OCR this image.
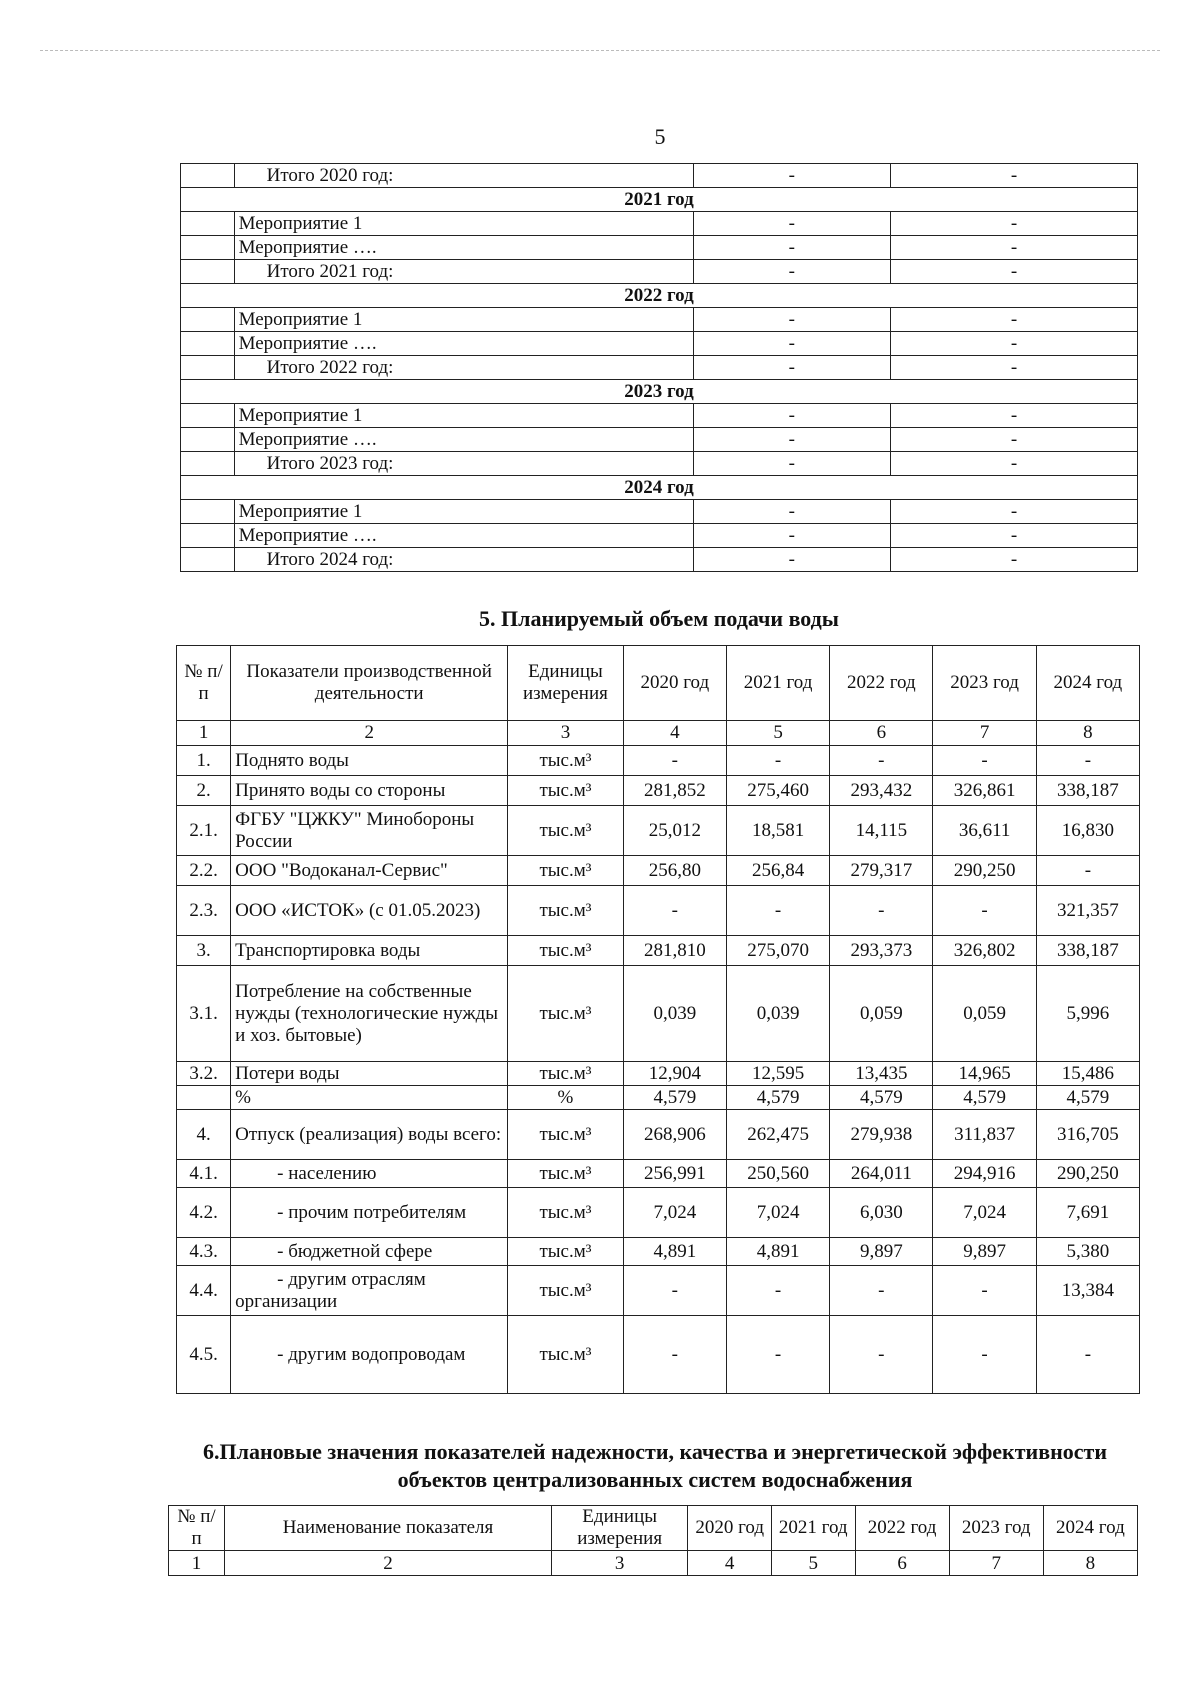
5
	Итого 2020 год:	-	-
2021 год			
	Мероприятие 1	-	-
	Мероприятие ….	-	-
	Итого 2021 год:	-	-
2022 год			
	Мероприятие 1	-	-
	Мероприятие ….	-	-
	Итого 2022 год:	-	-
2023 год			
	Мероприятие 1	-	-
	Мероприятие ….	-	-
	Итого 2023 год:	-	-
2024 год			
	Мероприятие 1	-	-
	Мероприятие ….	-	-
	Итого 2024 год:	-	-
5. Планируемый объем подачи воды
№ п/п	Показатели производственной деятельности	Единицы измерения	2020 год	2021 год	2022 год	2023 год	2024 год
1	2	3	4	5	6	7	8
1.	Поднято воды	тыс.м³	-	-	-	-	-
2.	Принято воды со стороны	тыс.м³	281,852	275,460	293,432	326,861	338,187
2.1.	ФГБУ "ЦЖКУ" Минобороны России	тыс.м³	25,012	18,581	14,115	36,611	16,830
2.2.	ООО "Водоканал-Сервис"	тыс.м³	256,80	256,84	279,317	290,250	-
2.3.	ООО «ИСТОК» (с 01.05.2023)	тыс.м³	-	-	-	-	321,357
3.	Транспортировка воды	тыс.м³	281,810	275,070	293,373	326,802	338,187
3.1.	Потребление на собственные нужды (технологические нужды и хоз. бытовые)	тыс.м³	0,039	0,039	0,059	0,059	5,996
3.2.	Потери воды	тыс.м³	12,904	12,595	13,435	14,965	15,486
	%	%	4,579	4,579	4,579	4,579	4,579
4.	Отпуск (реализация) воды всего:	тыс.м³	268,906	262,475	279,938	311,837	316,705
4.1.	- населению	тыс.м³	256,991	250,560	264,011	294,916	290,250
4.2.	- прочим потребителям	тыс.м³	7,024	7,024	6,030	7,024	7,691
4.3.	- бюджетной сфере	тыс.м³	4,891	4,891	9,897	9,897	5,380
4.4.	- другим отраслям организации	тыс.м³	-	-	-	-	13,384
4.5.	- другим водопроводам	тыс.м³	-	-	-	-	-
6.Плановые значения показателей надежности, качества и энергетической эффективности объектов централизованных систем водоснабжения
№ п/п	Наименование показателя	Единицы измерения	2020 год	2021 год	2022 год	2023 год	2024 год
1	2	3	4	5	6	7	8
